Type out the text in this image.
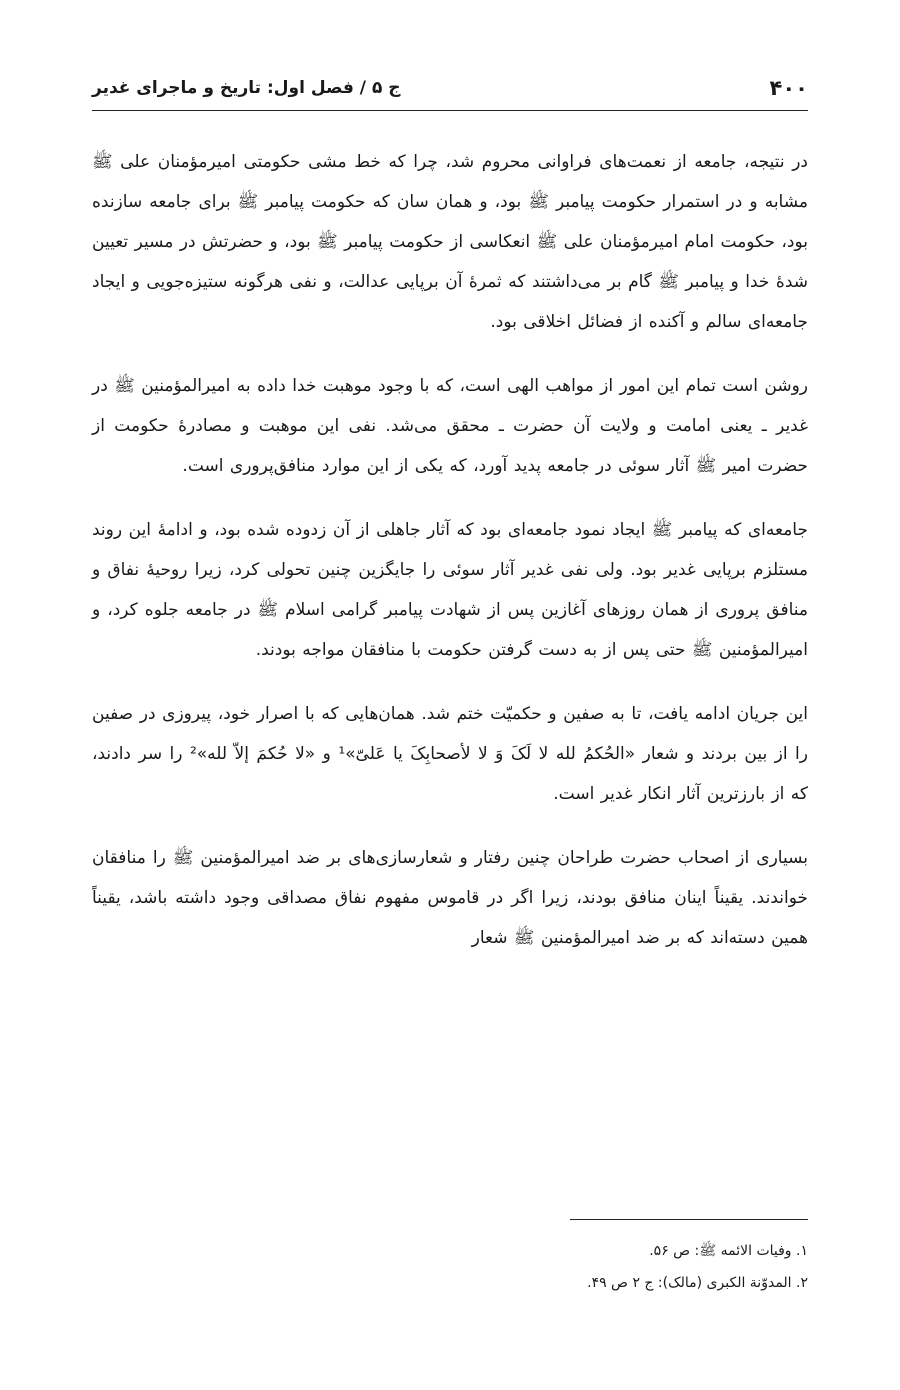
۴۰۰
ج ۵ / فصل اول: تاریخ و ماجرای غدیر

در نتیجه، جامعه از نعمت‌های فراوانی محروم شد، چرا که خط مشی حکومتی امیرمؤمنان علی ﷺ مشابه و در استمرار حکومت پیامبر ﷺ بود، و همان سان که حکومت پیامبر ﷺ برای جامعه سازنده بود، حکومت امام امیرمؤمنان علی ﷺ انعکاسی از حکومت پیامبر ﷺ بود، و حضرتش در مسیر تعیین شدهٔ خدا و پیامبر ﷺ گام بر می‌داشتند که ثمرهٔ آن برپایی عدالت، و نفی هرگونه ستیزه‌جویی و ایجاد جامعه‌ای سالم و آکنده از فضائل اخلاقی بود.

روشن است تمام این امور از مواهب الهی است، که با وجود موهبت خدا داده به امیرالمؤمنین ﷺ در غدیر ـ یعنی امامت و ولایت آن حضرت ـ محقق می‌شد. نفی این موهبت و مصادرهٔ حکومت از حضرت امیر ﷺ آثار سوئی در جامعه پدید آورد، که یکی از این موارد منافق‌پروری است.

جامعه‌ای که پیامبر ﷺ ایجاد نمود جامعه‌ای بود که آثار جاهلی از آن زدوده شده بود، و ادامهٔ این روند مستلزم برپایی غدیر بود. ولی نفی غدیر آثار سوئی را جایگزین چنین تحولی کرد، زیرا روحیهٔ نفاق و منافق پروری از همان روزهای آغازین پس از شهادت پیامبر گرامی اسلام ﷺ در جامعه جلوه کرد، و امیرالمؤمنین ﷺ حتی پس از به دست گرفتن حکومت با منافقان مواجه بودند.

این جریان ادامه یافت، تا به صفین و حکمیّت ختم شد. همان‌هایی که با اصرار خود، پیروزی در صفین را از بین بردند و شعار «الحُکمُ لله لا لَکَ وَ لا لأصحابِکَ یا عَلیّ»¹ و «لا حُکمَ إلاّ لله»² را سر دادند، که از بارزترین آثار انکار غدیر است.

بسیاری از اصحاب حضرت طراحان چنین رفتار و شعارسازی‌های بر ضد امیرالمؤمنین ﷺ را منافقان خواندند. یقیناً اینان منافق بودند، زیرا اگر در قاموس مفهوم نفاق مصداقی وجود داشته باشد، یقیناً همین دسته‌اند که بر ضد امیرالمؤمنین ﷺ شعار

۱. وفیات الائمه ﷺ: ص ۵۶.

۲. المدوّنة الکبری (مالک): ج ۲ ص ۴۹.
